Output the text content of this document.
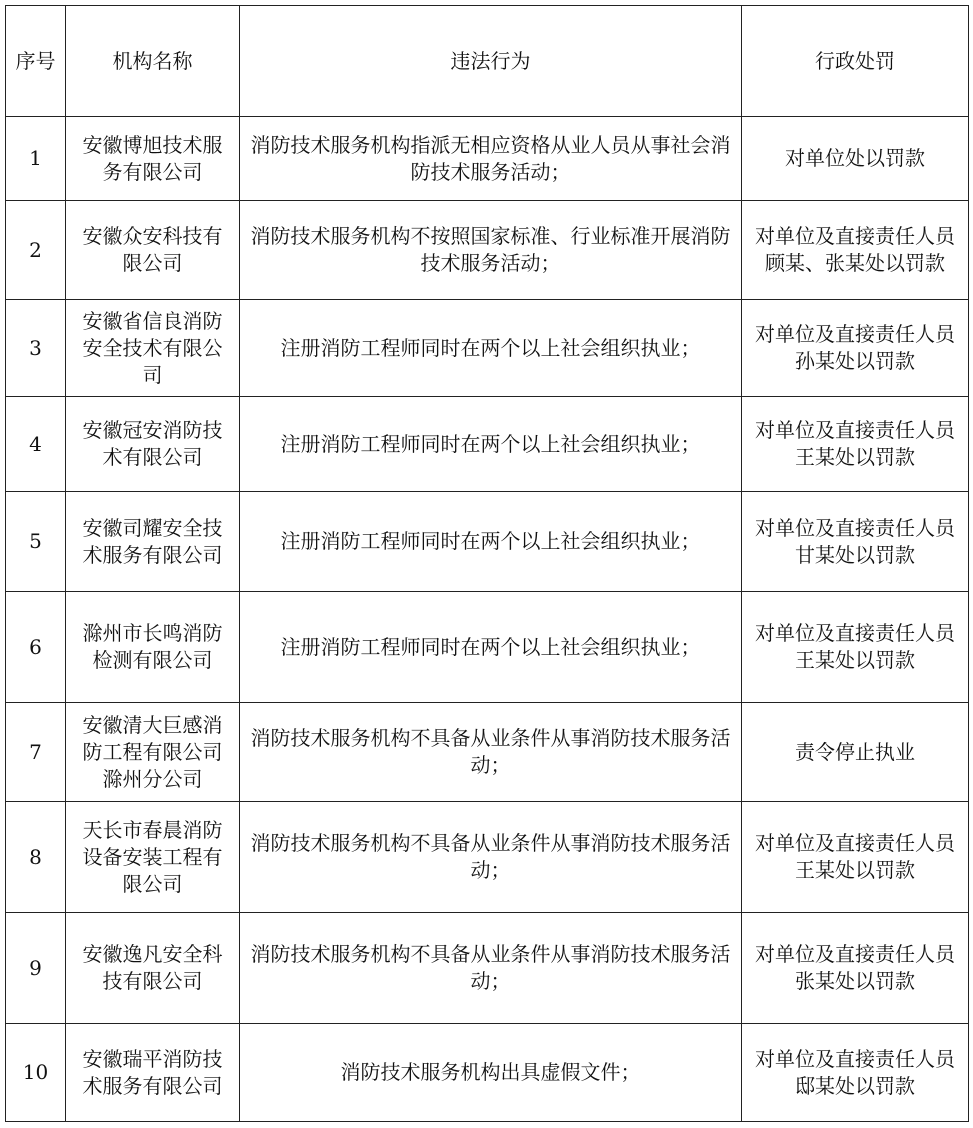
序号	机构名称	违法行为	行政处罚
1	安徽博旭技术服务有限公司	消防技术服务机构指派无相应资格从业人员从事社会消防技术服务活动；	对单位处以罚款
2	安徽众安科技有限公司	消防技术服务机构不按照国家标准、行业标准开展消防技术服务活动；	对单位及直接责任人员顾某、张某处以罚款
3	安徽省信良消防安全技术有限公司	注册消防工程师同时在两个以上社会组织执业；	对单位及直接责任人员孙某处以罚款
4	安徽冠安消防技术有限公司	注册消防工程师同时在两个以上社会组织执业；	对单位及直接责任人员王某处以罚款
5	安徽司耀安全技术服务有限公司	注册消防工程师同时在两个以上社会组织执业；	对单位及直接责任人员甘某处以罚款
6	滁州市长鸣消防检测有限公司	注册消防工程师同时在两个以上社会组织执业；	对单位及直接责任人员王某处以罚款
7	安徽清大巨感消防工程有限公司滁州分公司	消防技术服务机构不具备从业条件从事消防技术服务活动；	责令停止执业
8	天长市春晨消防设备安装工程有限公司	消防技术服务机构不具备从业条件从事消防技术服务活动；	对单位及直接责任人员王某处以罚款
9	安徽逸凡安全科技有限公司	消防技术服务机构不具备从业条件从事消防技术服务活动；	对单位及直接责任人员张某处以罚款
10	安徽瑞平消防技术服务有限公司	消防技术服务机构出具虚假文件；	对单位及直接责任人员邸某处以罚款
